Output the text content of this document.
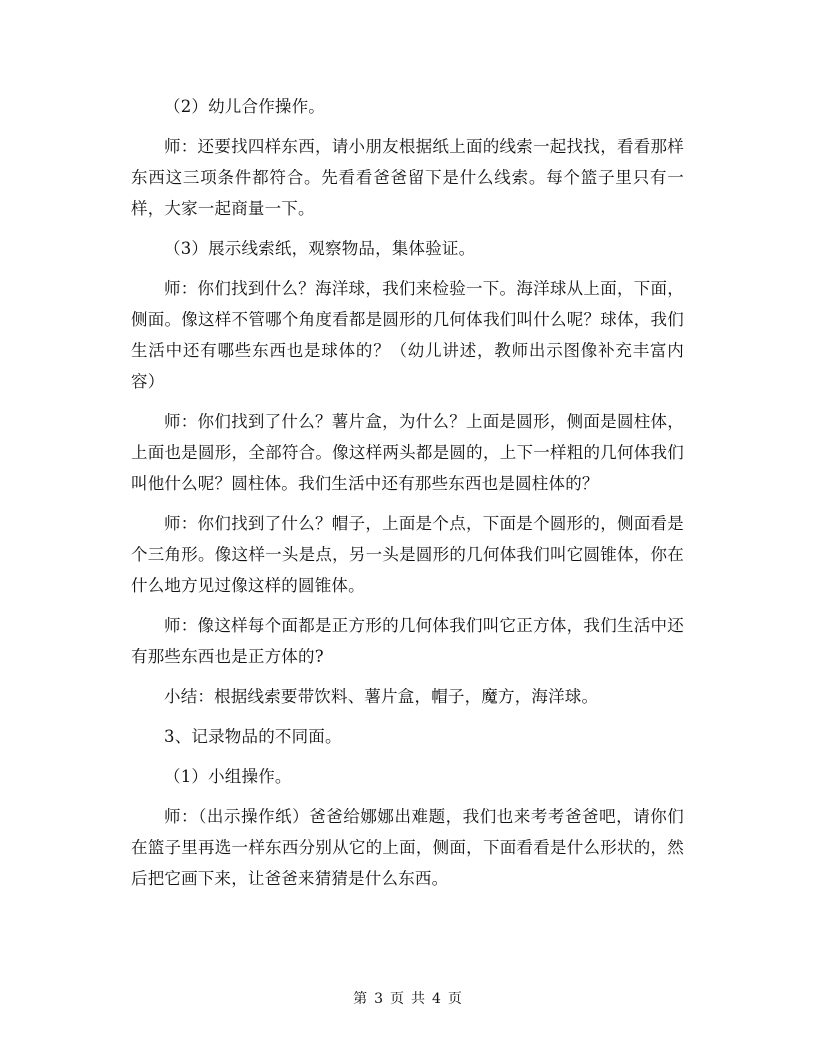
（2）幼儿合作操作。

师：还要找四样东西，请小朋友根据纸上面的线索一起找找，看看那样东西这三项条件都符合。先看看爸爸留下是什么线索。每个篮子里只有一样，大家一起商量一下。

（3）展示线索纸，观察物品，集体验证。

师：你们找到什么？海洋球，我们来检验一下。海洋球从上面，下面，侧面。像这样不管哪个角度看都是圆形的几何体我们叫什么呢？球体，我们生活中还有哪些东西也是球体的？（幼儿讲述，教师出示图像补充丰富内容）

师：你们找到了什么？薯片盒，为什么？上面是圆形，侧面是圆柱体，上面也是圆形，全部符合。像这样两头都是圆的，上下一样粗的几何体我们叫他什么呢？圆柱体。我们生活中还有那些东西也是圆柱体的？

师：你们找到了什么？帽子，上面是个点，下面是个圆形的，侧面看是个三角形。像这样一头是点，另一头是圆形的几何体我们叫它圆锥体，你在什么地方见过像这样的圆锥体。

师：像这样每个面都是正方形的几何体我们叫它正方体，我们生活中还有那些东西也是正方体的?

小结：根据线索要带饮料、薯片盒，帽子，魔方，海洋球。

3、记录物品的不同面。

（1）小组操作。

师：（出示操作纸）爸爸给娜娜出难题，我们也来考考爸爸吧，请你们在篮子里再选一样东西分别从它的上面，侧面，下面看看是什么形状的，然后把它画下来，让爸爸来猜猜是什么东西。

第 3 页 共 4 页
